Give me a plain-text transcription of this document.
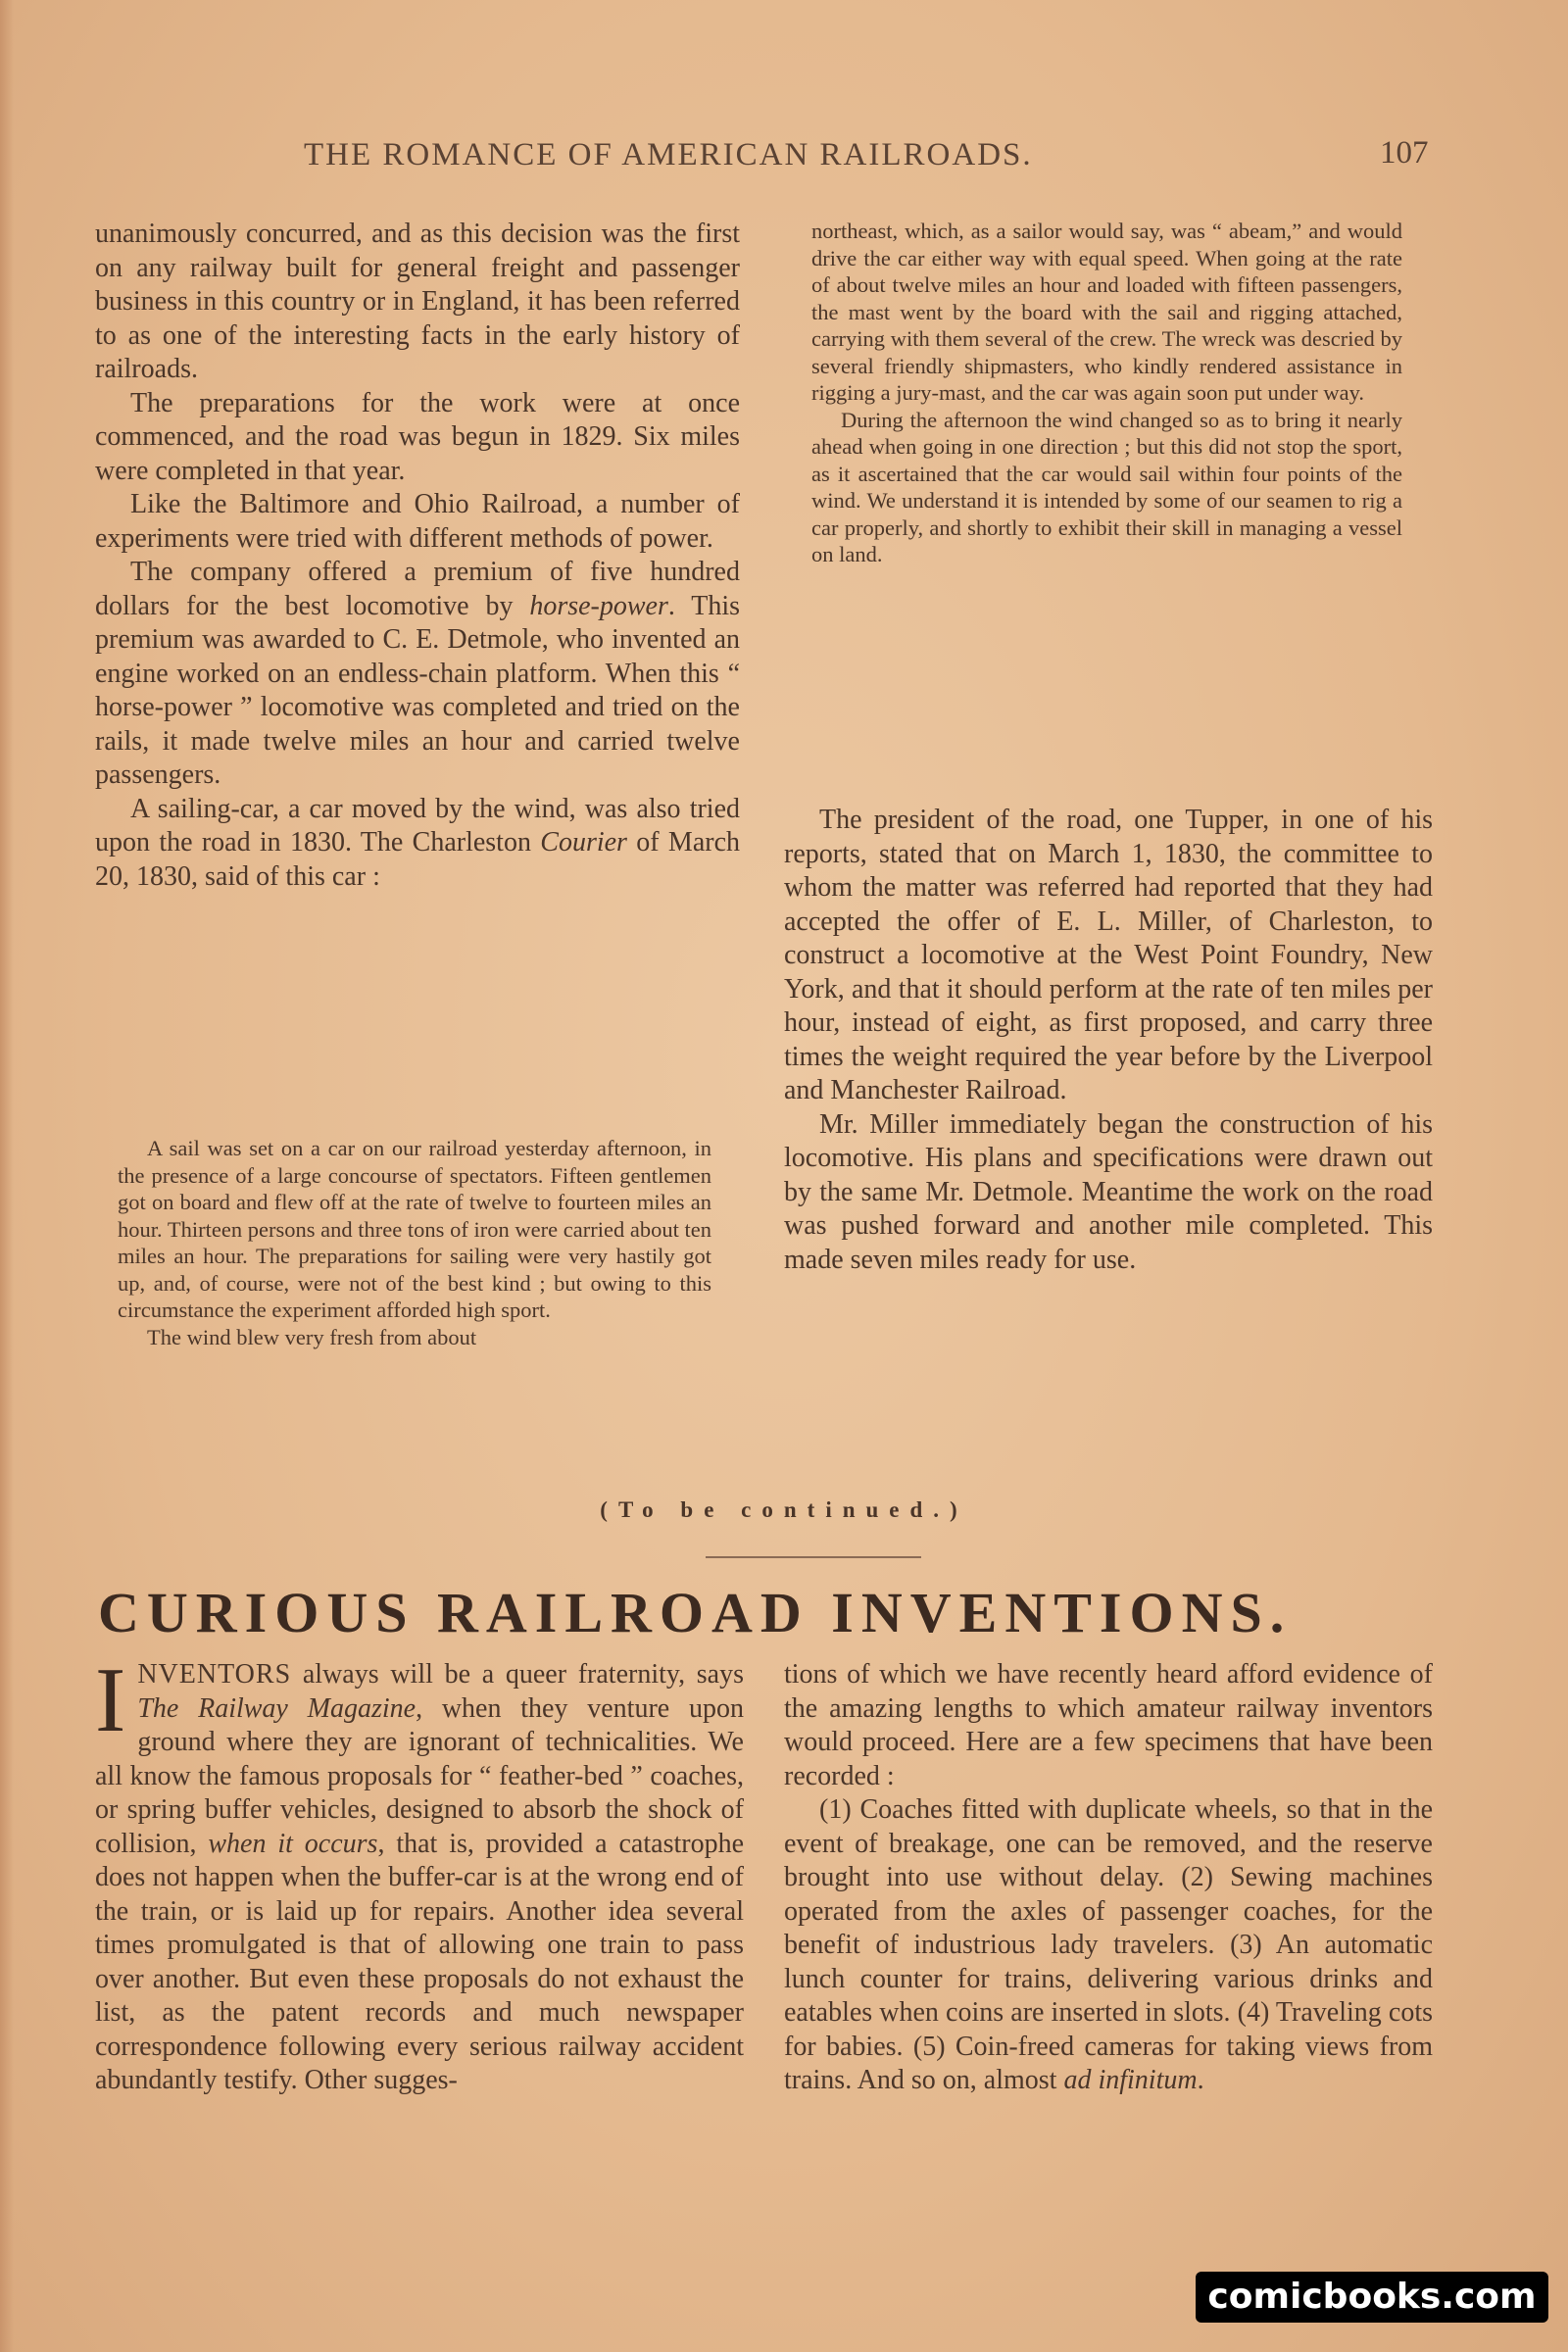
THE ROMANCE OF AMERICAN RAILROADS.	107

unanimously concurred, and as this decision was the first on any railway built for general freight and passenger business in this country or in England, it has been referred to as one of the interesting facts in the early history of railroads.

The preparations for the work were at once commenced, and the road was begun in 1829. Six miles were completed in that year.

Like the Baltimore and Ohio Railroad, a number of experiments were tried with different methods of power.

The company offered a premium of five hundred dollars for the best locomotive by horse-power. This premium was awarded to C. E. Detmole, who invented an engine worked on an endless-chain platform. When this “ horse-power ” locomotive was completed and tried on the rails, it made twelve miles an hour and carried twelve passengers.

A sailing-car, a car moved by the wind, was also tried upon the road in 1830. The Charleston Courier of March 20, 1830, said of this car :

A sail was set on a car on our railroad yesterday afternoon, in the presence of a large concourse of spectators. Fifteen gentlemen got on board and flew off at the rate of twelve to fourteen miles an hour. Thirteen persons and three tons of iron were carried about ten miles an hour. The preparations for sailing were very hastily got up, and, of course, were not of the best kind ; but owing to this circumstance the experiment afforded high sport.

The wind blew very fresh from about

northeast, which, as a sailor would say, was “ abeam,” and would drive the car either way with equal speed. When going at the rate of about twelve miles an hour and loaded with fifteen passengers, the mast went by the board with the sail and rigging attached, carrying with them several of the crew. The wreck was descried by several friendly shipmasters, who kindly rendered assistance in rigging a jury-mast, and the car was again soon put under way.

During the afternoon the wind changed so as to bring it nearly ahead when going in one direction ; but this did not stop the sport, as it ascertained that the car would sail within four points of the wind. We understand it is intended by some of our seamen to rig a car properly, and shortly to exhibit their skill in managing a vessel on land.

The president of the road, one Tupper, in one of his reports, stated that on March 1, 1830, the committee to whom the matter was referred had reported that they had accepted the offer of E. L. Miller, of Charleston, to construct a locomotive at the West Point Foundry, New York, and that it should perform at the rate of ten miles per hour, instead of eight, as first proposed, and carry three times the weight required the year before by the Liverpool and Manchester Railroad.

Mr. Miller immediately began the construction of his locomotive. His plans and specifications were drawn out by the same Mr. Detmole. Meantime the work on the road was pushed forward and another mile completed. This made seven miles ready for use.

(To be continued.)
CURIOUS RAILROAD INVENTIONS.

INVENTORS always will be a queer fraternity, says The Railway Magazine, when they venture upon ground where they are ignorant of technicalities. We all know the famous proposals for “ feather-bed ” coaches, or spring buffer vehicles, designed to absorb the shock of collision, when it occurs, that is, provided a catastrophe does not happen when the buffer-car is at the wrong end of the train, or is laid up for repairs. Another idea several times promulgated is that of allowing one train to pass over another. But even these proposals do not exhaust the list, as the patent records and much newspaper correspondence following every serious railway accident abundantly testify. Other sugges-

tions of which we have recently heard afford evidence of the amazing lengths to which amateur railway inventors would proceed. Here are a few specimens that have been recorded :

(1) Coaches fitted with duplicate wheels, so that in the event of breakage, one can be removed, and the reserve brought into use without delay. (2) Sewing machines operated from the axles of passenger coaches, for the benefit of industrious lady travelers. (3) An automatic lunch counter for trains, delivering various drinks and eatables when coins are inserted in slots. (4) Traveling cots for babies. (5) Coin-freed cameras for taking views from trains. And so on, almost ad infinitum.

comicbooks.com
